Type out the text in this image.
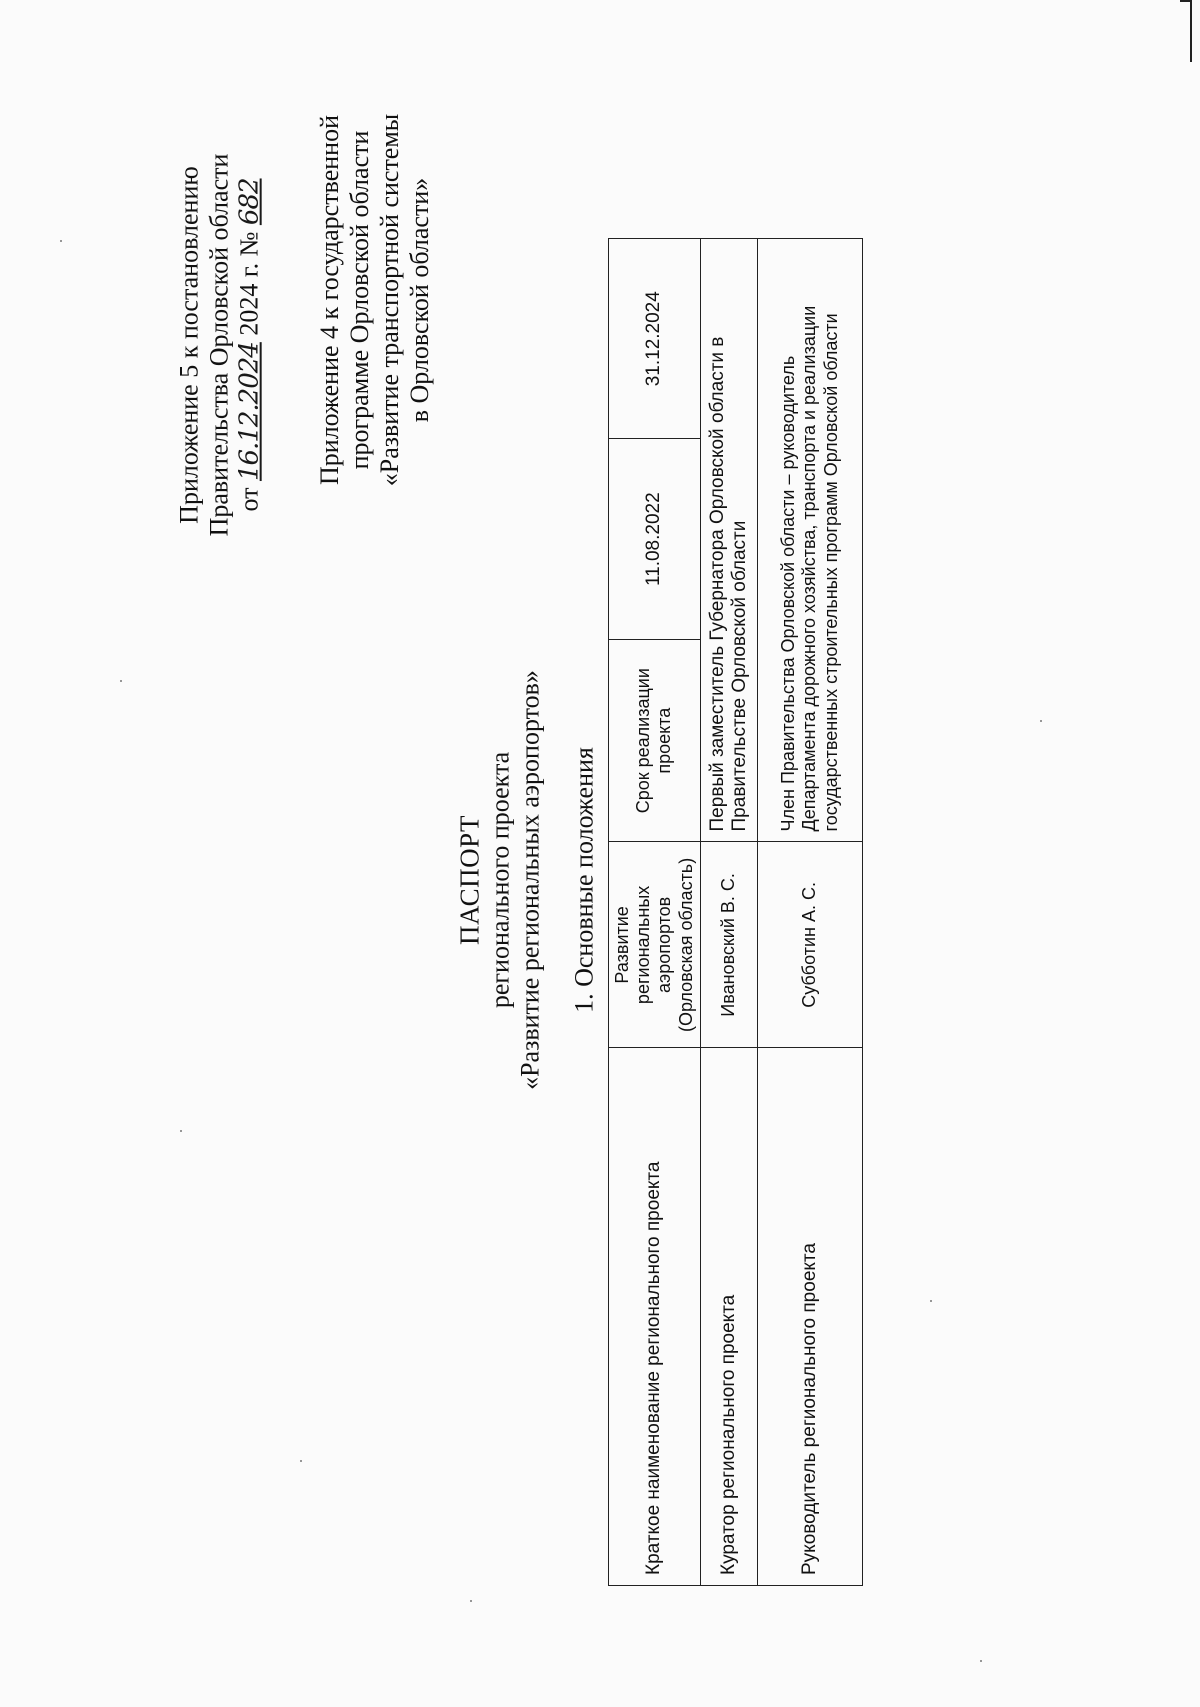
Приложение 5 к постановлению Правительства Орловской области от 16.12.2024 2024 г. № 682 Приложение 4 к государственной программе Орловской области «Развитие транспортной системы в Орловской области»
ПАСПОРТ регионального проекта «Развитие региональных аэропортов» 1. Основные положения
Краткое наименование регионального проекта	Развитие региональных аэропортов (Орловская область)	Срок реализации проекта	11.08.2022	31.12.2024
Куратор регионального проекта	Ивановский В. С.	Первый заместитель Губернатора Орловской области в Правительстве Орловской области		
Руководитель регионального проекта	Субботин А. С.	Член Правительства Орловской области – руководитель Департамента дорожного хозяйства, транспорта и реализации государственных строительных программ Орловской области		
